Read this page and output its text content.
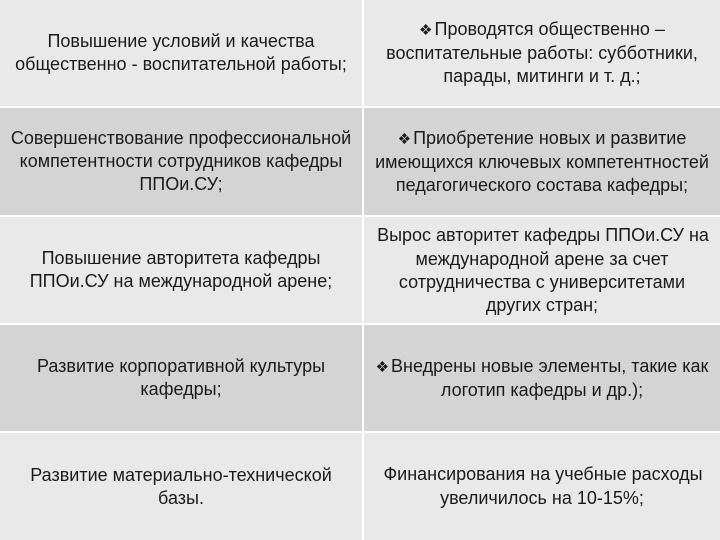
Повышение условий и качества общественно - воспитательной работы;
❖ Проводятся общественно – воспитательные работы: субботники, парады, митинги и т. д.;
Совершенствование профессиональной компетентности сотрудников кафедры ППОи.СУ;
❖ Приобретение новых и развитие имеющихся ключевых компетентностей педагогического состава кафедры;
Повышение авторитета кафедры ППОи.СУ на международной арене;
Вырос авторитет кафедры ППОи.СУ на международной арене за счет сотрудничества с университетами других стран;
Развитие корпоративной культуры кафедры;
❖ Внедрены новые элементы, такие как логотип кафедры и др.);
Развитие материально-технической базы.
Финансирования на учебные расходы увеличилось на 10-15%;
